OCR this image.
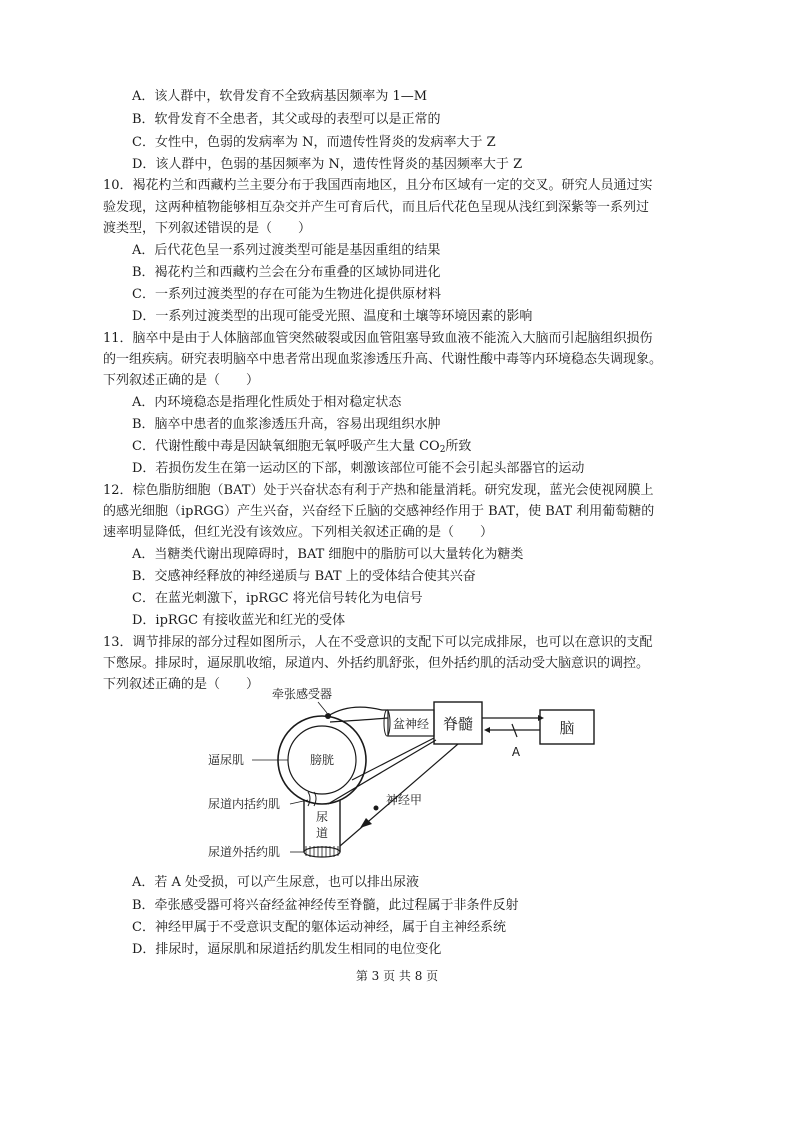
A．该人群中，软骨发育不全致病基因频率为 1—M
B．软骨发育不全患者，其父或母的表型可以是正常的
C．女性中，色弱的发病率为 N，而遗传性肾炎的发病率大于 Z
D．该人群中，色弱的基因频率为 N，遗传性肾炎的基因频率大于 Z
10．褐花杓兰和西藏杓兰主要分布于我国西南地区，且分布区域有一定的交叉。研究人员通过实
验发现，这两种植物能够相互杂交并产生可育后代，而且后代花色呈现从浅红到深紫等一系列过
渡类型，下列叙述错误的是（　　）
A．后代花色呈一系列过渡类型可能是基因重组的结果
B．褐花杓兰和西藏杓兰会在分布重叠的区域协同进化
C．一系列过渡类型的存在可能为生物进化提供原材料
D．一系列过渡类型的出现可能受光照、温度和土壤等环境因素的影响
11．脑卒中是由于人体脑部血管突然破裂或因血管阻塞导致血液不能流入大脑而引起脑组织损伤
的一组疾病。研究表明脑卒中患者常出现血浆渗透压升高、代谢性酸中毒等内环境稳态失调现象。
下列叙述正确的是（　　）
A．内环境稳态是指理化性质处于相对稳定状态
B．脑卒中患者的血浆渗透压升高，容易出现组织水肿
C．代谢性酸中毒是因缺氧细胞无氧呼吸产生大量 $CO_2$所致
D．若损伤发生在第一运动区的下部，刺激该部位可能不会引起头部器官的运动
12．棕色脂肪细胞（BAT）处于兴奋状态有利于产热和能量消耗。研究发现，蓝光会使视网膜上
的感光细胞（ipRGG）产生兴奋，兴奋经下丘脑的交感神经作用于 BAT，使 BAT 利用葡萄糖的
速率明显降低，但红光没有该效应。下列相关叙述正确的是（　　）
A．当糖类代谢出现障碍时，BAT 细胞中的脂肪可以大量转化为糖类
B．交感神经释放的神经递质与 BAT 上的受体结合使其兴奋
C．在蓝光刺激下，ipRGC 将光信号转化为电信号
D．ipRGC 有接收蓝光和红光的受体
13．调节排尿的部分过程如图所示，人在不受意识的支配下可以完成排尿，也可以在意识的支配
下憋尿。排尿时，逼尿肌收缩，尿道内、外括约肌舒张，但外括约肌的活动受大脑意识的调控。
下列叙述正确的是（　　）
盆神经 脊髓	脑
A
牵张感受器
膀胱
逼尿肌
尿道内括约肌	神经甲
尿
道
尿道外括约肌
A．若 A 处受损，可以产生尿意，也可以排出尿液
B．牵张感受器可将兴奋经盆神经传至脊髓，此过程属于非条件反射
C．神经甲属于不受意识支配的躯体运动神经，属于自主神经系统
D．排尿时，逼尿肌和尿道括约肌发生相同的电位变化
第 3 页 共 8 页
